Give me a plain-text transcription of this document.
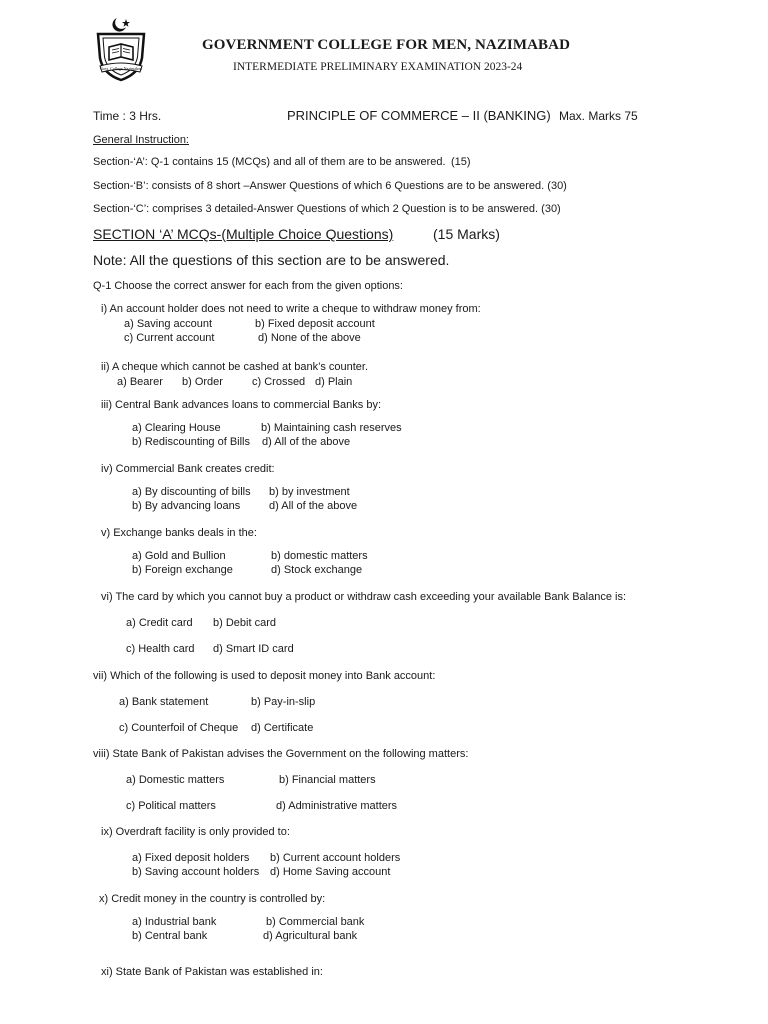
Govt. College Nazimabad
GOVERNMENT COLLEGE FOR MEN, NAZIMABAD
INTERMEDIATE PRELIMINARY EXAMINATION 2023-24
Time : 3 Hrs.	PRINCIPLE OF COMMERCE – II (BANKING) Max. Marks 75
General Instruction:
Section-‘A’: Q-1 contains 15 (MCQs) and all of them are to be answered. (15)
Section-‘B’: consists of 8 short –Answer Questions of which 6 Questions are to be answered. (30)
Section-‘C’: comprises 3 detailed-Answer Questions of which 2 Question is to be answered. (30)
SECTION ‘A’ MCQs-(Multiple Choice Questions)	(15 Marks)
Note: All the questions of this section are to be answered.
Q-1 Choose the correct answer for each from the given options:
i) An account holder does not need to write a cheque to withdraw money from:
a) Saving account	b) Fixed deposit account
c) Current account	d) None of the above
ii) A cheque which cannot be cashed at bank’s counter.
a) Bearer b) Order	c) Crossed d) Plain
iii) Central Bank advances loans to commercial Banks by:
a) Clearing House	b) Maintaining cash reserves
b) Rediscounting of Bills d) All of the above
iv) Commercial Bank creates credit:
a) By discounting of bills b) by investment
b) By advancing loans	d) All of the above
v) Exchange banks deals in the:
a) Gold and Bullion	b) domestic matters
b) Foreign exchange	d) Stock exchange
vi) The card by which you cannot buy a product or withdraw cash exceeding your available Bank Balance is:
a) Credit card b) Debit card
c) Health card d) Smart ID card
vii) Which of the following is used to deposit money into Bank account:
a) Bank statement	b) Pay-in-slip
c) Counterfoil of Cheque d) Certificate
viii) State Bank of Pakistan advises the Government on the following matters:
a) Domestic matters	b) Financial matters
c) Political matters	d) Administrative matters
ix) Overdraft facility is only provided to:
a) Fixed deposit holders b) Current account holders
b) Saving account holders d) Home Saving account
x) Credit money in the country is controlled by:
a) Industrial bank	b) Commercial bank
b) Central bank	d) Agricultural bank
xi) State Bank of Pakistan was established in:
